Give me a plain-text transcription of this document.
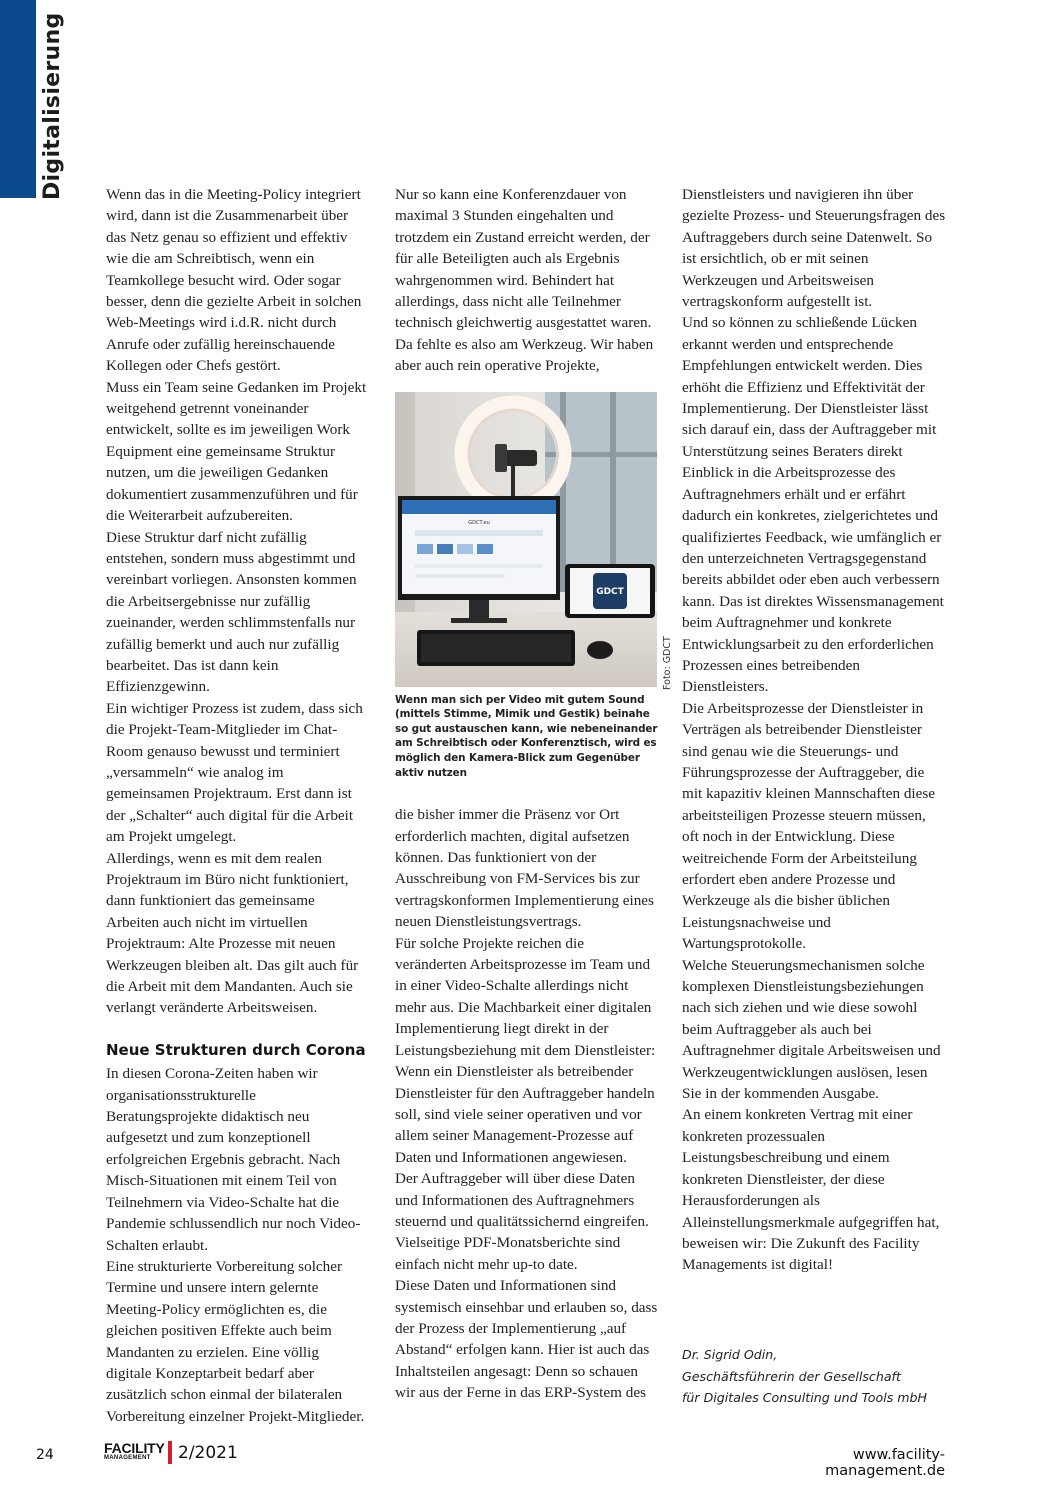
Digitalisierung	Wenn das in die Meeting-Policy integriert wird, dann ist die Zusammenarbeit über das Netz genau so effizient und effektiv wie die am Schreibtisch, wenn ein Teamkollege besucht wird. Oder sogar besser, denn die gezielte Arbeit in solchen Web-Meetings wird i.d.R. nicht durch Anrufe oder zufällig hereinschauende Kollegen oder Chefs gestört.

Muss ein Team seine Gedanken im Projekt weitgehend getrennt voneinander entwickelt, sollte es im jeweiligen Work Equipment eine gemeinsame Struktur nutzen, um die jeweiligen Gedanken dokumentiert zusammenzuführen und für die Weiterarbeit aufzubereiten.

Diese Struktur darf nicht zufällig entstehen, sondern muss abgestimmt und vereinbart vorliegen. Ansonsten kommen die Arbeitsergebnisse nur zufällig zueinander, werden schlimmstenfalls nur zufällig bemerkt und auch nur zufällig bearbeitet. Das ist dann kein Effizienzgewinn.

Ein wichtiger Prozess ist zudem, dass sich die Projekt-Team-Mitglieder im Chat-Room genauso bewusst und terminiert „versammeln“ wie analog im gemeinsamen Projektraum. Erst dann ist der „Schalter“ auch digital für die Arbeit am Projekt umgelegt.

Allerdings, wenn es mit dem realen Projektraum im Büro nicht funktioniert, dann funktioniert das gemeinsame Arbeiten auch nicht im virtuellen Projektraum: Alte Prozesse mit neuen Werkzeugen bleiben alt. Das gilt auch für die Arbeit mit dem Mandanten. Auch sie verlangt veränderte Arbeitsweisen.

Neue Strukturen durch Corona

In diesen Corona-Zeiten haben wir organisationsstrukturelle Beratungsprojekte didaktisch neu aufgesetzt und zum konzeptionell erfolgreichen Ergebnis gebracht. Nach Misch-Situationen mit einem Teil von Teilnehmern via Video-Schalte hat die Pandemie schlussendlich nur noch Video-Schalten erlaubt.

Eine strukturierte Vorbereitung solcher Termine und unsere intern gelernte Meeting-Policy ermöglichten es, die gleichen positiven Effekte auch beim Mandanten zu erzielen. Eine völlig digitale Konzeptarbeit bedarf aber zusätzlich schon einmal der bilateralen Vorbereitung einzelner Projekt-Mitglieder.

Nur so kann eine Konferenzdauer von maximal 3 Stunden eingehalten und trotzdem ein Zustand erreicht werden, der für alle Beteiligten auch als Ergebnis wahrgenommen wird. Behindert hat allerdings, dass nicht alle Teilnehmer technisch gleichwertig ausgestattet waren. Da fehlte es also am Werkzeug. Wir haben aber auch rein operative Projekte,

GDCT.eu
GDCT

Wenn man sich per Video mit gutem Sound (mittels Stimme, Mimik und Gestik) beinahe so gut austauschen kann, wie nebeneinander am Schreibtisch oder Konferenztisch, wird es möglich den Kamera-Blick zum Gegenüber aktiv nutzen

die bisher immer die Präsenz vor Ort erforderlich machten, digital aufsetzen können. Das funktioniert von der Ausschreibung von FM-Services bis zur vertragskonformen Implementierung eines neuen Dienstleistungsvertrags.

Für solche Projekte reichen die veränderten Arbeitsprozesse im Team und in einer Video-Schalte allerdings nicht mehr aus. Die Machbarkeit einer digitalen Implementierung liegt direkt in der Leistungsbeziehung mit dem Dienstleister: Wenn ein Dienstleister als betreibender Dienstleister für den Auftraggeber handeln soll, sind viele seiner operativen und vor allem seiner Management-Prozesse auf Daten und Informationen angewiesen.

Der Auftraggeber will über diese Daten und Informationen des Auftragnehmers steuernd und qualitätssichernd eingreifen. Vielseitige PDF-Monatsberichte sind einfach nicht mehr up-to date.

Diese Daten und Informationen sind systemisch einsehbar und erlauben so, dass der Prozess der Implementierung „auf Abstand“ erfolgen kann. Hier ist auch das Inhaltsteilen angesagt: Denn so schauen wir aus der Ferne in das ERP-System des

Foto: GDCT

Dienstleisters und navigieren ihn über gezielte Prozess- und Steuerungsfragen des Auftraggebers durch seine Datenwelt. So ist ersichtlich, ob er mit seinen Werkzeugen und Arbeitsweisen vertragskonform aufgestellt ist.

Und so können zu schließende Lücken erkannt werden und entsprechende Empfehlungen entwickelt werden. Dies erhöht die Effizienz und Effektivität der Implementierung. Der Dienstleister lässt sich darauf ein, dass der Auftraggeber mit Unterstützung seines Beraters direkt Einblick in die Arbeitsprozesse des Auftragnehmers erhält und er erfährt dadurch ein konkretes, zielgerichtetes und qualifiziertes Feedback, wie umfänglich er den unterzeichneten Vertragsgegenstand bereits abbildet oder eben auch verbessern kann. Das ist direktes Wissensmanagement beim Auftragnehmer und konkrete Entwicklungsarbeit zu den erforderlichen Prozessen eines betreibenden Dienstleisters.

Die Arbeitsprozesse der Dienstleister in Verträgen als betreibender Dienstleister sind genau wie die Steuerungs- und Führungsprozesse der Auftraggeber, die mit kapazitiv kleinen Mannschaften diese arbeitsteiligen Prozesse steuern müssen, oft noch in der Entwicklung. Diese weitreichende Form der Arbeitsteilung erfordert eben andere Prozesse und Werkzeuge als die bisher üblichen Leistungsnachweise und Wartungsprotokolle.

Welche Steuerungsmechanismen solche komplexen Dienstleistungsbeziehungen nach sich ziehen und wie diese sowohl beim Auftraggeber als auch bei Auftragnehmer digitale Arbeitsweisen und Werkzeugentwicklungen auslösen, lesen Sie in der kommenden Ausgabe.

An einem konkreten Vertrag mit einer konkreten prozessualen Leistungsbeschreibung und einem konkreten Dienstleister, der diese Herausforderungen als Alleinstellungsmerkmale aufgegriffen hat, beweisen wir: Die Zukunft des Facility Managements ist digital!

Dr. Sigrid Odin,

Geschäftsführerin der Gesellschaft

für Digitales Consulting und Tools mbH

24	FACILITY
MANAGEMENT 2/2021	www.facility-management.de
